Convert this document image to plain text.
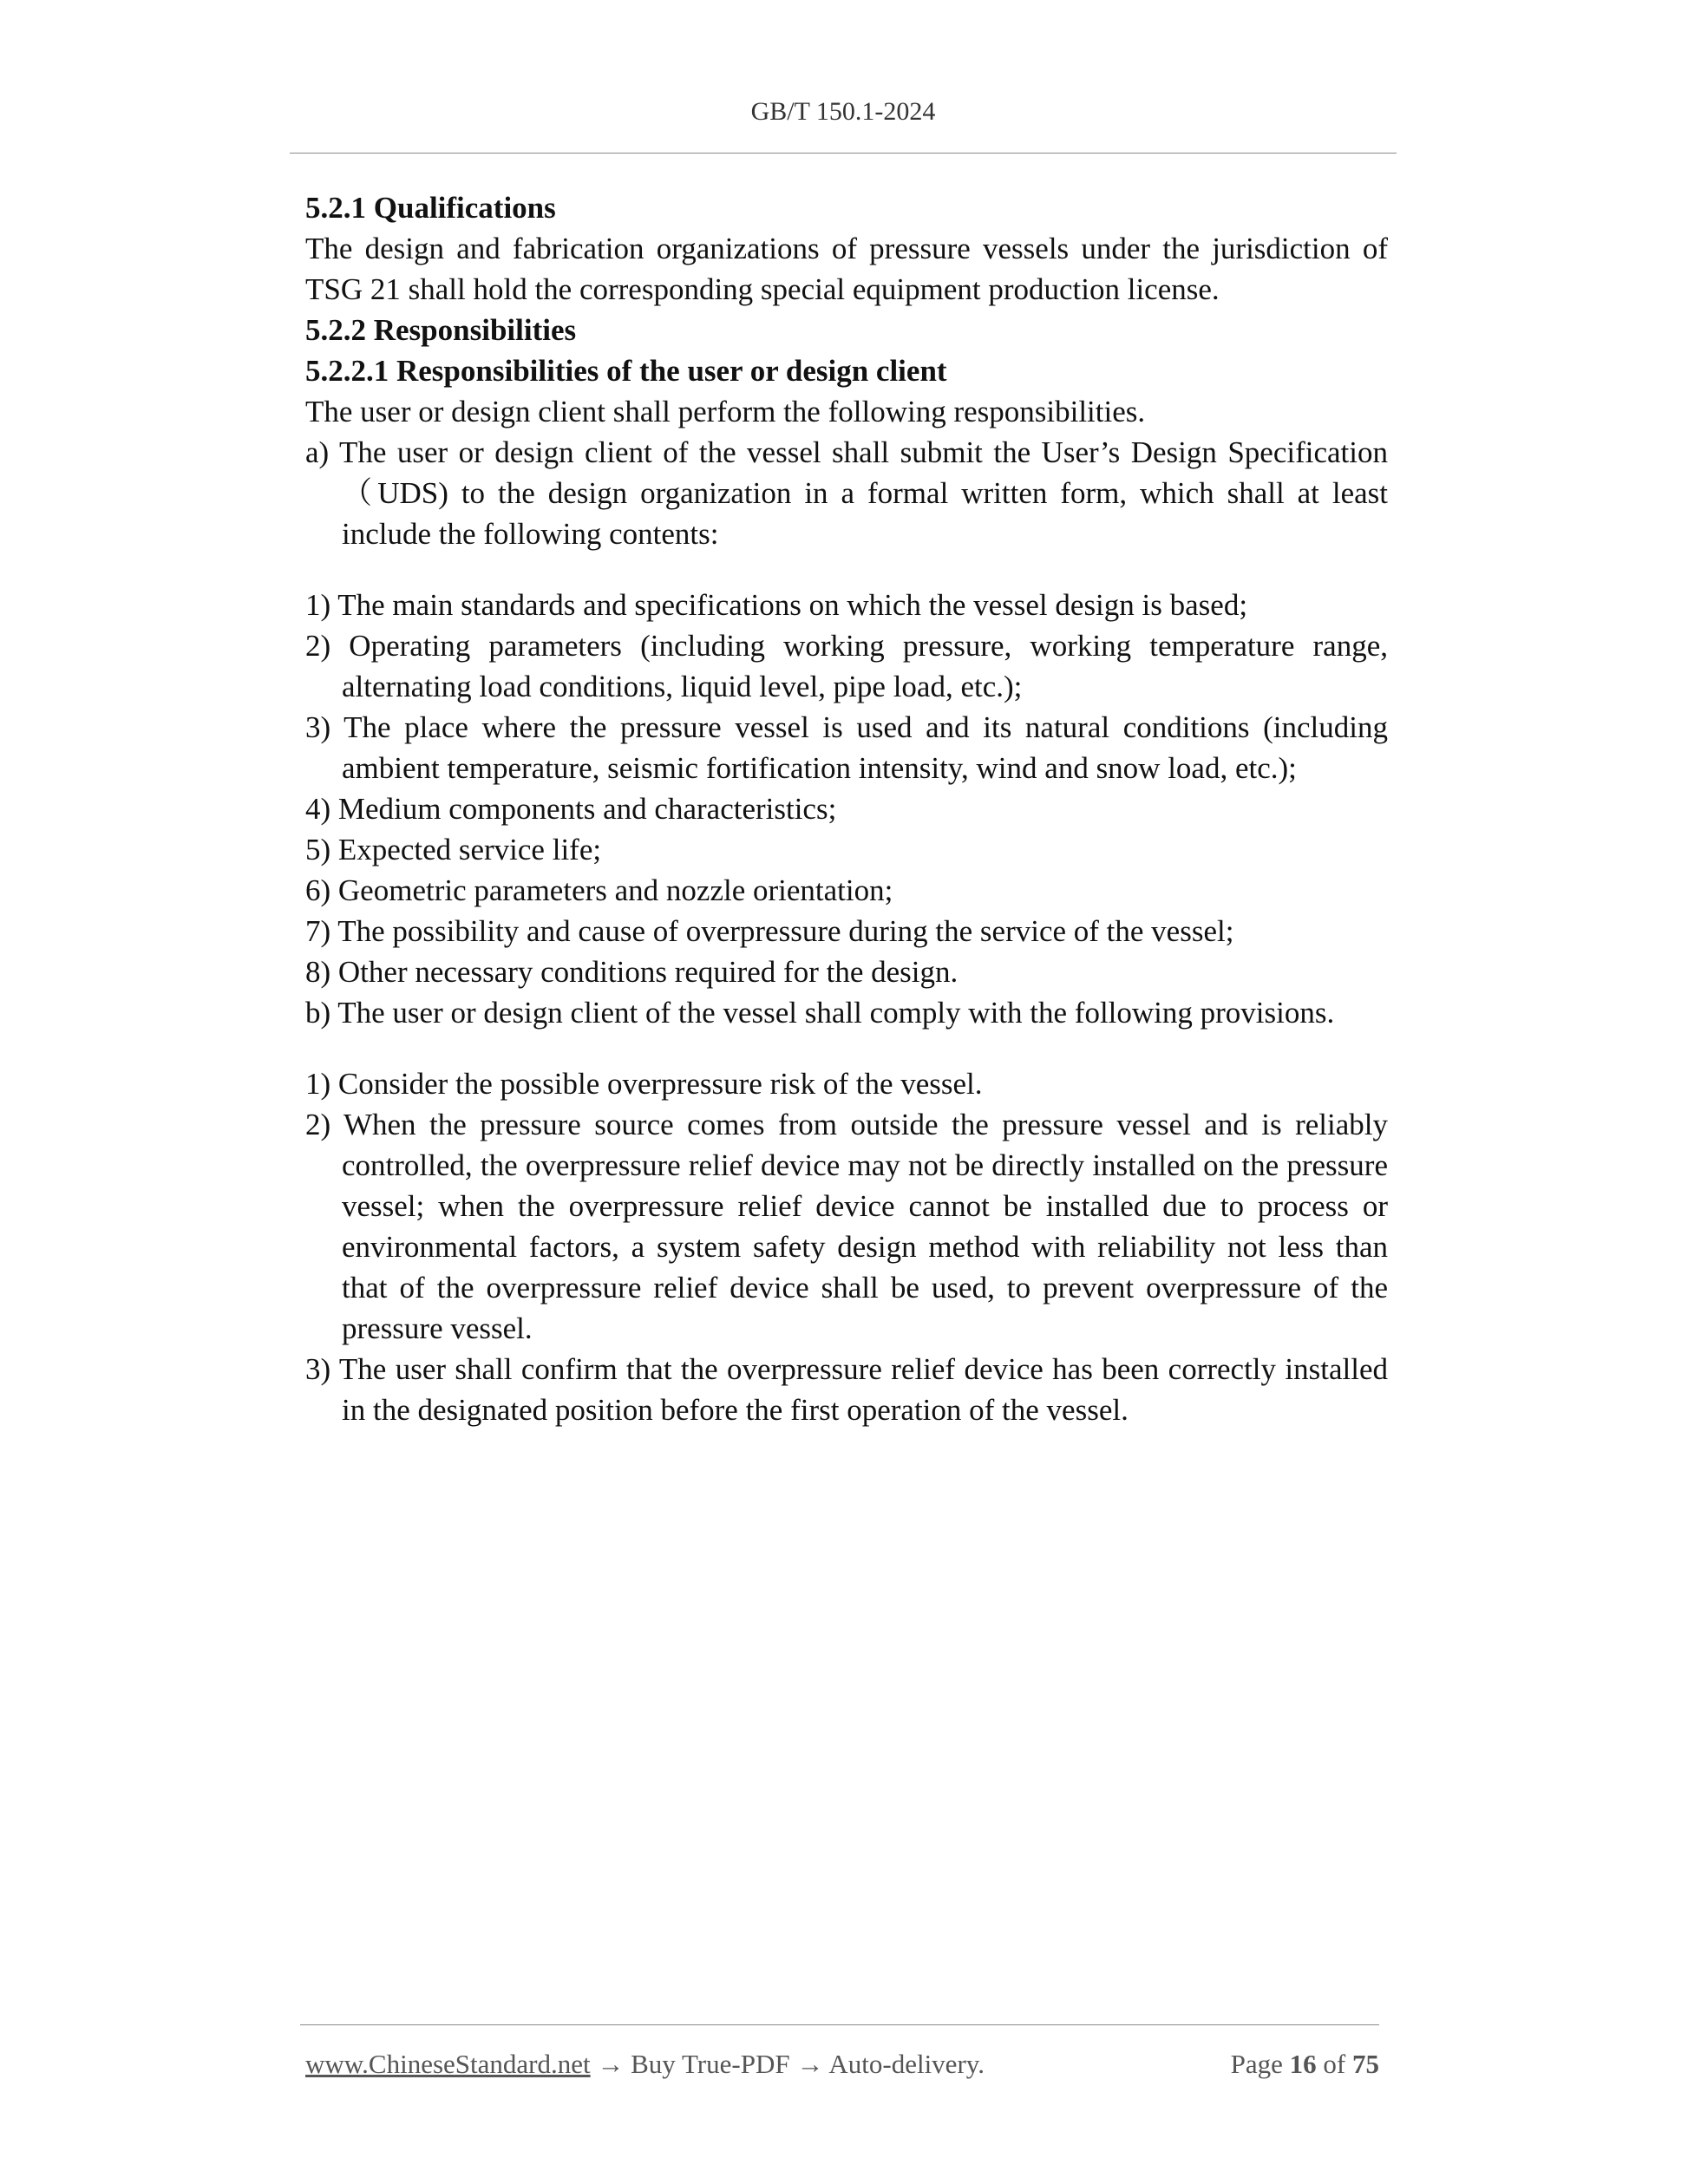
GB/T 150.1-2024

5.2.1 Qualifications

The design and fabrication organizations of pressure vessels under the jurisdiction of TSG 21 shall hold the corresponding special equipment production license.

5.2.2 Responsibilities

5.2.2.1 Responsibilities of the user or design client

The user or design client shall perform the following responsibilities.

a) The user or design client of the vessel shall submit the User’s Design Specification （UDS) to the design organization in a formal written form, which shall at least include the following contents:

1) The main standards and specifications on which the vessel design is based;

2) Operating parameters (including working pressure, working temperature range, alternating load conditions, liquid level, pipe load, etc.);

3) The place where the pressure vessel is used and its natural conditions (including ambient temperature, seismic fortification intensity, wind and snow load, etc.);

4) Medium components and characteristics;

5) Expected service life;

6) Geometric parameters and nozzle orientation;

7) The possibility and cause of overpressure during the service of the vessel;

8) Other necessary conditions required for the design.

b) The user or design client of the vessel shall comply with the following provisions.

1) Consider the possible overpressure risk of the vessel.

2) When the pressure source comes from outside the pressure vessel and is reliably controlled, the overpressure relief device may not be directly installed on the pressure vessel; when the overpressure relief device cannot be installed due to process or environmental factors, a system safety design method with reliability not less than that of the overpressure relief device shall be used, to prevent overpressure of the pressure vessel.

3) The user shall confirm that the overpressure relief device has been correctly installed in the designated position before the first operation of the vessel.

www.ChineseStandard.net → Buy True-PDF → Auto-delivery.	Page 16 of 75
